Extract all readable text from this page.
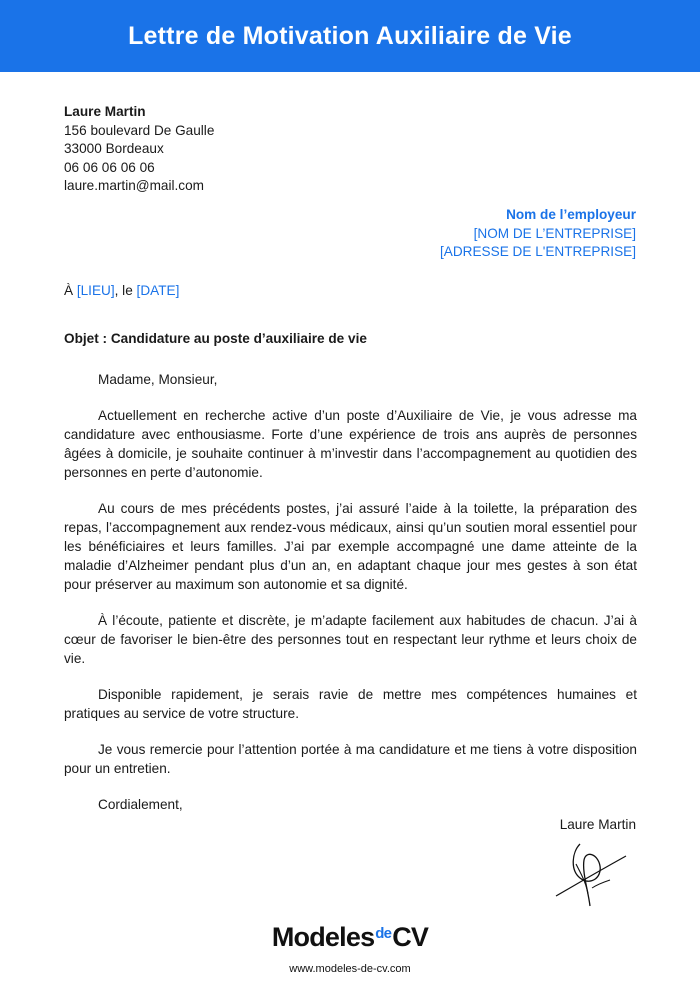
Lettre de Motivation Auxiliaire de Vie
Laure Martin
156 boulevard De Gaulle
33000 Bordeaux
06 06 06 06 06
laure.martin@mail.com
Nom de l’employeur
[NOM DE L’ENTREPRISE]
[ADRESSE DE L'ENTREPRISE]
À [LIEU], le [DATE]
Objet : Candidature au poste d’auxiliaire de vie

Madame, Monsieur,

Actuellement en recherche active d’un poste d’Auxiliaire de Vie, je vous adresse ma candidature avec enthousiasme. Forte d’une expérience de trois ans auprès de personnes âgées à domicile, je souhaite continuer à m’investir dans l’accompagnement au quotidien des personnes en perte d’autonomie.

Au cours de mes précédents postes, j’ai assuré l’aide à la toilette, la préparation des repas, l’accompagnement aux rendez-vous médicaux, ainsi qu’un soutien moral essentiel pour les bénéficiaires et leurs familles. J’ai par exemple accompagné une dame atteinte de la maladie d’Alzheimer pendant plus d’un an, en adaptant chaque jour mes gestes à son état pour préserver au maximum son autonomie et sa dignité.

À l’écoute, patiente et discrète, je m’adapte facilement aux habitudes de chacun. J’ai à cœur de favoriser le bien-être des personnes tout en respectant leur rythme et leurs choix de vie.

Disponible rapidement, je serais ravie de mettre mes compétences humaines et pratiques au service de votre structure.

Je vous remercie pour l’attention portée à ma candidature et me tiens à votre disposition pour un entretien.

Cordialement,

Laure Martin
Modeles de CV
www.modeles-de-cv.com
